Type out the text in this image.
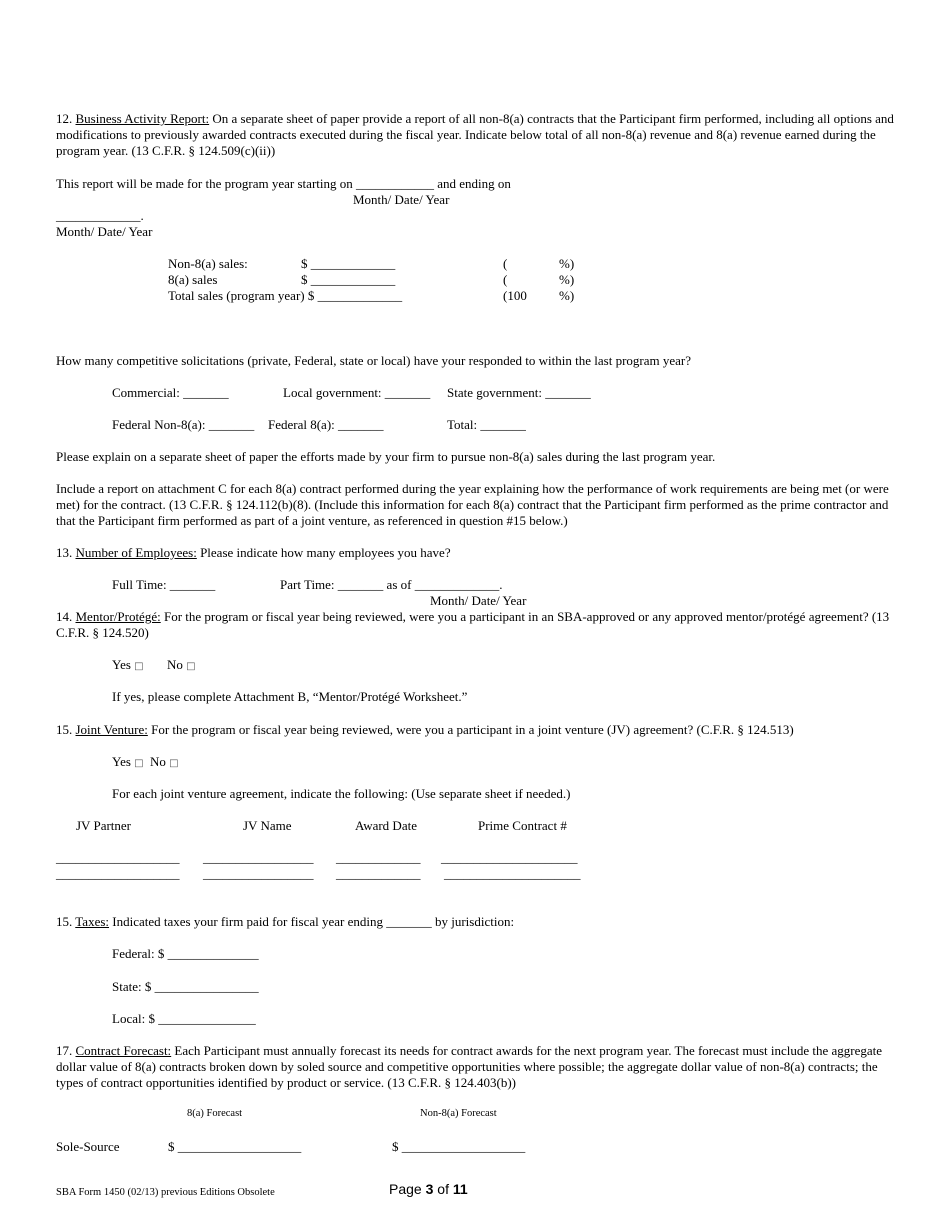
12. Business Activity Report: On a separate sheet of paper provide a report of all non-8(a) contracts that the Participant firm performed, including all options and modifications to previously awarded contracts executed during the fiscal year. Indicate below total of all non-8(a) revenue and 8(a) revenue earned during the program year. (13 C.F.R. § 124.509(c)(ii))
This report will be made for the program year starting on ____________ and ending on
Month/ Date/ Year
_____________.
Month/ Date/ Year
Non-8(a) sales:	$ _____________	(	%)
8(a) sales	$ _____________	(	%)
Total sales (program year) $ _____________	(100 %)
How many competitive solicitations (private, Federal, state or local) have your responded to within the last program year?
Commercial: _______	Local government: _______ State government: _______
Federal Non-8(a): _______ Federal 8(a): _______	Total: _______
Please explain on a separate sheet of paper the efforts made by your firm to pursue non-8(a) sales during the last program year.
Include a report on attachment C for each 8(a) contract performed during the year explaining how the performance of work requirements are being met (or were met) for the contract. (13 C.F.R. § 124.112(b)(8). (Include this information for each 8(a) contract that the Participant firm performed as the prime contractor and that the Participant firm performed as part of a joint venture, as referenced in question #15 below.)
13. Number of Employees: Please indicate how many employees you have?
Full Time: _______	Part Time: _______ as of _____________.
Month/ Date/ Year
14. Mentor/Protégé: For the program or fiscal year being reviewed, were you a participant in an SBA-approved or any approved mentor/protégé agreement? (13 C.F.R. § 124.520)
Yes □ No □
If yes, please complete Attachment B, “Mentor/Protégé Worksheet.”
15. Joint Venture: For the program or fiscal year being reviewed, were you a participant in a joint venture (JV) agreement? (C.F.R. § 124.513)
Yes □ No □
For each joint venture agreement, indicate the following: (Use separate sheet if needed.)
JV Partner	JV Name	Award Date	Prime Contract #
___________________ _________________ _____________ _____________________
___________________ _________________ _____________ _____________________
15. Taxes: Indicated taxes your firm paid for fiscal year ending _______ by jurisdiction:
Federal: $ ______________
State: $ ________________
Local: $ _______________
17. Contract Forecast: Each Participant must annually forecast its needs for contract awards for the next program year. The forecast must include the aggregate dollar value of 8(a) contracts broken down by soled source and competitive opportunities where possible; the aggregate dollar value of non-8(a) contracts; the types of contract opportunities identified by product or service. (13 C.F.R. § 124.403(b))
8(a) Forecast	Non-8(a) Forecast
Sole-Source	$ ___________________	$ ___________________
SBA Form 1450 (02/13) previous Editions Obsolete	Page 3 of 11
